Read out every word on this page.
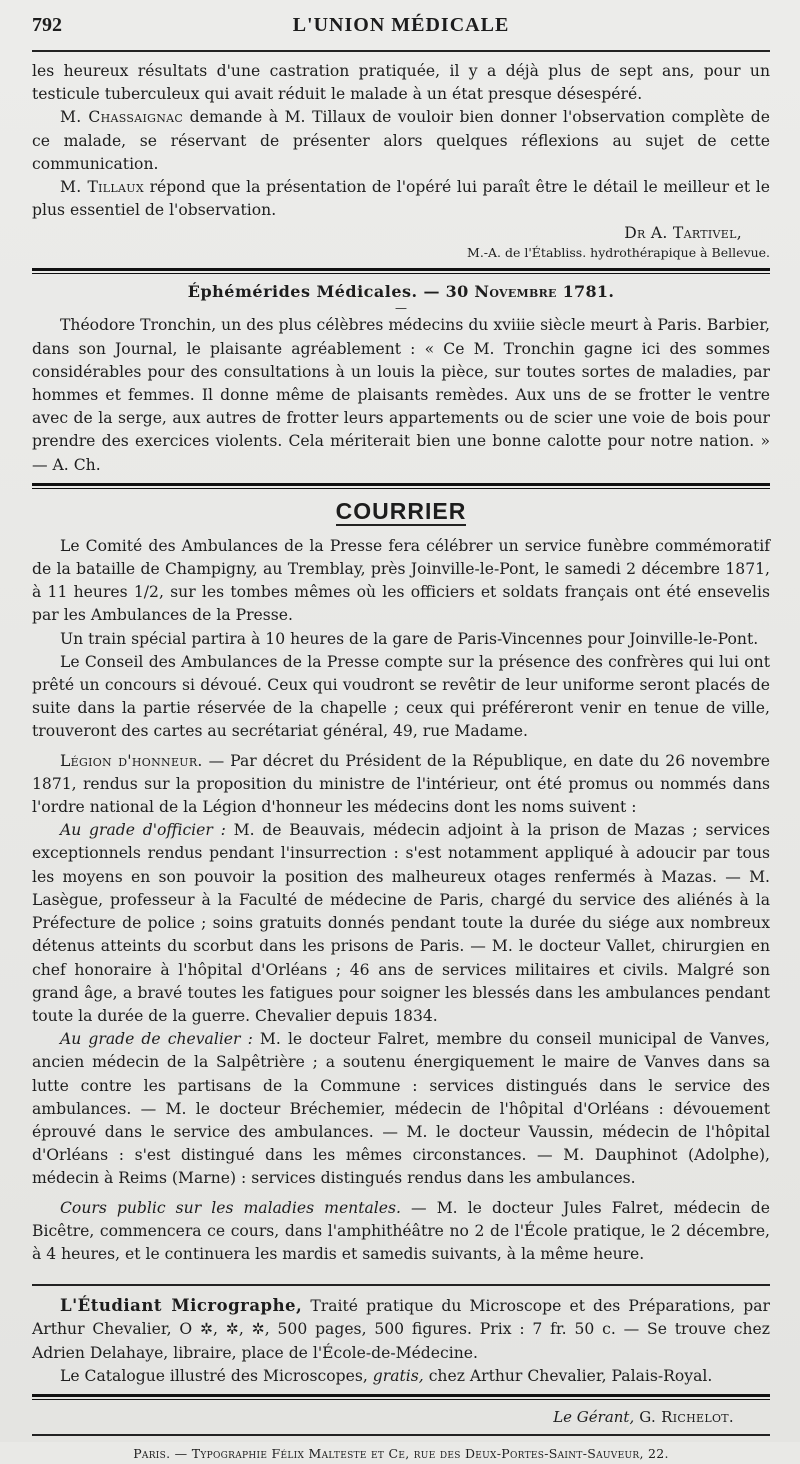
792	L'UNION MÉDICALE

les heureux résultats d'une castration pratiquée, il y a déjà plus de sept ans, pour un testicule tuberculeux qui avait réduit le malade à un état presque désespéré.

M. Chassaignac demande à M. Tillaux de vouloir bien donner l'observation complète de ce malade, se réservant de présenter alors quelques réflexions au sujet de cette communication.

M. Tillaux répond que la présentation de l'opéré lui paraît être le détail le meilleur et le plus essentiel de l'observation.

Dr A. Tartivel,
M.-A. de l'Établiss. hydrothérapique à Bellevue.
Éphémérides Médicales. — 30 Novembre 1781.
—

Théodore Tronchin, un des plus célèbres médecins du xviiie siècle meurt à Paris. Barbier, dans son Journal, le plaisante agréablement : « Ce M. Tronchin gagne ici des sommes considérables pour des consultations à un louis la pièce, sur toutes sortes de maladies, par hommes et femmes. Il donne même de plaisants remèdes. Aux uns de se frotter le ventre avec de la serge, aux autres de frotter leurs appartements ou de scier une voie de bois pour prendre des exercices violents. Cela mériterait bien une bonne calotte pour notre nation. » — A. Ch.

COURRIER

Le Comité des Ambulances de la Presse fera célébrer un service funèbre commémoratif de la bataille de Champigny, au Tremblay, près Joinville-le-Pont, le samedi 2 décembre 1871, à 11 heures 1/2, sur les tombes mêmes où les officiers et soldats français ont été ensevelis par les Ambulances de la Presse.

Un train spécial partira à 10 heures de la gare de Paris-Vincennes pour Joinville-le-Pont.

Le Conseil des Ambulances de la Presse compte sur la présence des confrères qui lui ont prêté un concours si dévoué. Ceux qui voudront se revêtir de leur uniforme seront placés de suite dans la partie réservée de la chapelle ; ceux qui préféreront venir en tenue de ville, trouveront des cartes au secrétariat général, 49, rue Madame.

Légion d'honneur. — Par décret du Président de la République, en date du 26 novembre 1871, rendus sur la proposition du ministre de l'intérieur, ont été promus ou nommés dans l'ordre national de la Légion d'honneur les médecins dont les noms suivent :

Au grade d'officier : M. de Beauvais, médecin adjoint à la prison de Mazas ; services exceptionnels rendus pendant l'insurrection : s'est notamment appliqué à adoucir par tous les moyens en son pouvoir la position des malheureux otages renfermés à Mazas. — M. Lasègue, professeur à la Faculté de médecine de Paris, chargé du service des aliénés à la Préfecture de police ; soins gratuits donnés pendant toute la durée du siége aux nombreux détenus atteints du scorbut dans les prisons de Paris. — M. le docteur Vallet, chirurgien en chef honoraire à l'hôpital d'Orléans ; 46 ans de services militaires et civils. Malgré son grand âge, a bravé toutes les fatigues pour soigner les blessés dans les ambulances pendant toute la durée de la guerre. Chevalier depuis 1834.

Au grade de chevalier : M. le docteur Falret, membre du conseil municipal de Vanves, ancien médecin de la Salpêtrière ; a soutenu énergiquement le maire de Vanves dans sa lutte contre les partisans de la Commune : services distingués dans le service des ambulances. — M. le docteur Bréchemier, médecin de l'hôpital d'Orléans : dévouement éprouvé dans le service des ambulances. — M. le docteur Vaussin, médecin de l'hôpital d'Orléans : s'est distingué dans les mêmes circonstances. — M. Dauphinot (Adolphe), médecin à Reims (Marne) : services distingués rendus dans les ambulances.

Cours public sur les maladies mentales. — M. le docteur Jules Falret, médecin de Bicêtre, commencera ce cours, dans l'amphithéâtre no 2 de l'École pratique, le 2 décembre, à 4 heures, et le continuera les mardis et samedis suivants, à la même heure.

L'Étudiant Micrographe, Traité pratique du Microscope et des Préparations, par Arthur Chevalier, O ✲, ✲, ✲, 500 pages, 500 figures. Prix : 7 fr. 50 c. — Se trouve chez Adrien Delahaye, libraire, place de l'École-de-Médecine.

Le Catalogue illustré des Microscopes, gratis, chez Arthur Chevalier, Palais-Royal.

Le Gérant, G. Richelot.
Paris. — Typographie Félix Malteste et Ce, rue des Deux-Portes-Saint-Sauveur, 22.
